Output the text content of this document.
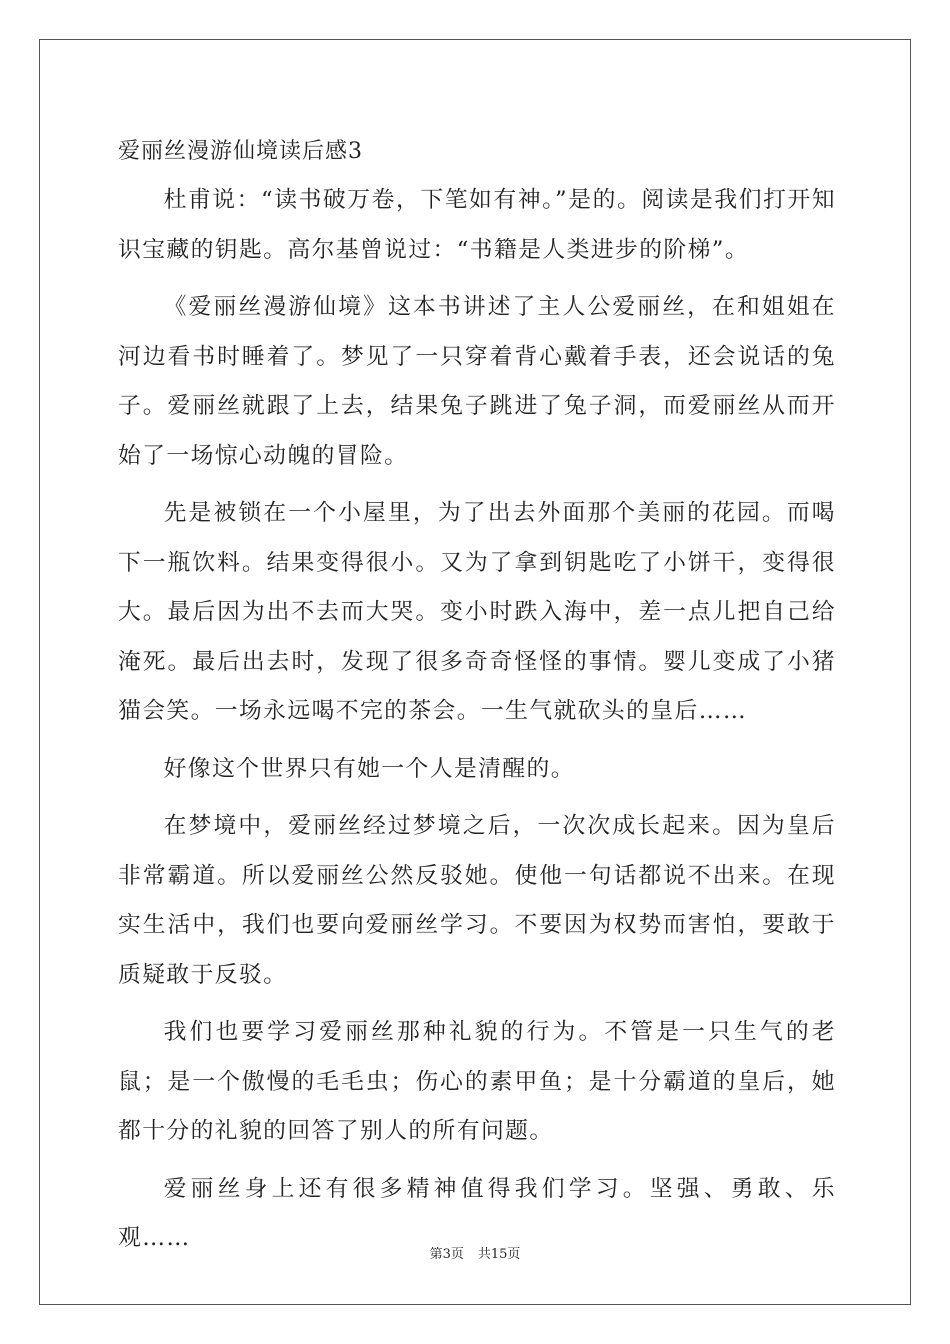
爱丽丝漫游仙境读后感3

杜甫说：“读书破万卷，下笔如有神。”是的。阅读是我们打开知识宝藏的钥匙。高尔基曾说过：“书籍是人类进步的阶梯”。

《爱丽丝漫游仙境》这本书讲述了主人公爱丽丝，在和姐姐在河边看书时睡着了。梦见了一只穿着背心戴着手表，还会说话的兔子。爱丽丝就跟了上去，结果兔子跳进了兔子洞，而爱丽丝从而开始了一场惊心动魄的冒险。

先是被锁在一个小屋里，为了出去外面那个美丽的花园。而喝下一瓶饮料。结果变得很小。又为了拿到钥匙吃了小饼干，变得很大。最后因为出不去而大哭。变小时跌入海中，差一点儿把自己给淹死。最后出去时，发现了很多奇奇怪怪的事情。婴儿变成了小猪猫会笑。一场永远喝不完的茶会。一生气就砍头的皇后……

好像这个世界只有她一个人是清醒的。

在梦境中，爱丽丝经过梦境之后，一次次成长起来。因为皇后非常霸道。所以爱丽丝公然反驳她。使他一句话都说不出来。在现实生活中，我们也要向爱丽丝学习。不要因为权势而害怕，要敢于质疑敢于反驳。

我们也要学习爱丽丝那种礼貌的行为。不管是一只生气的老鼠；是一个傲慢的毛毛虫；伤心的素甲鱼；是十分霸道的皇后，她都十分的礼貌的回答了别人的所有问题。

爱丽丝身上还有很多精神值得我们学习。坚强、勇敢、乐观……

第3页 共15页
